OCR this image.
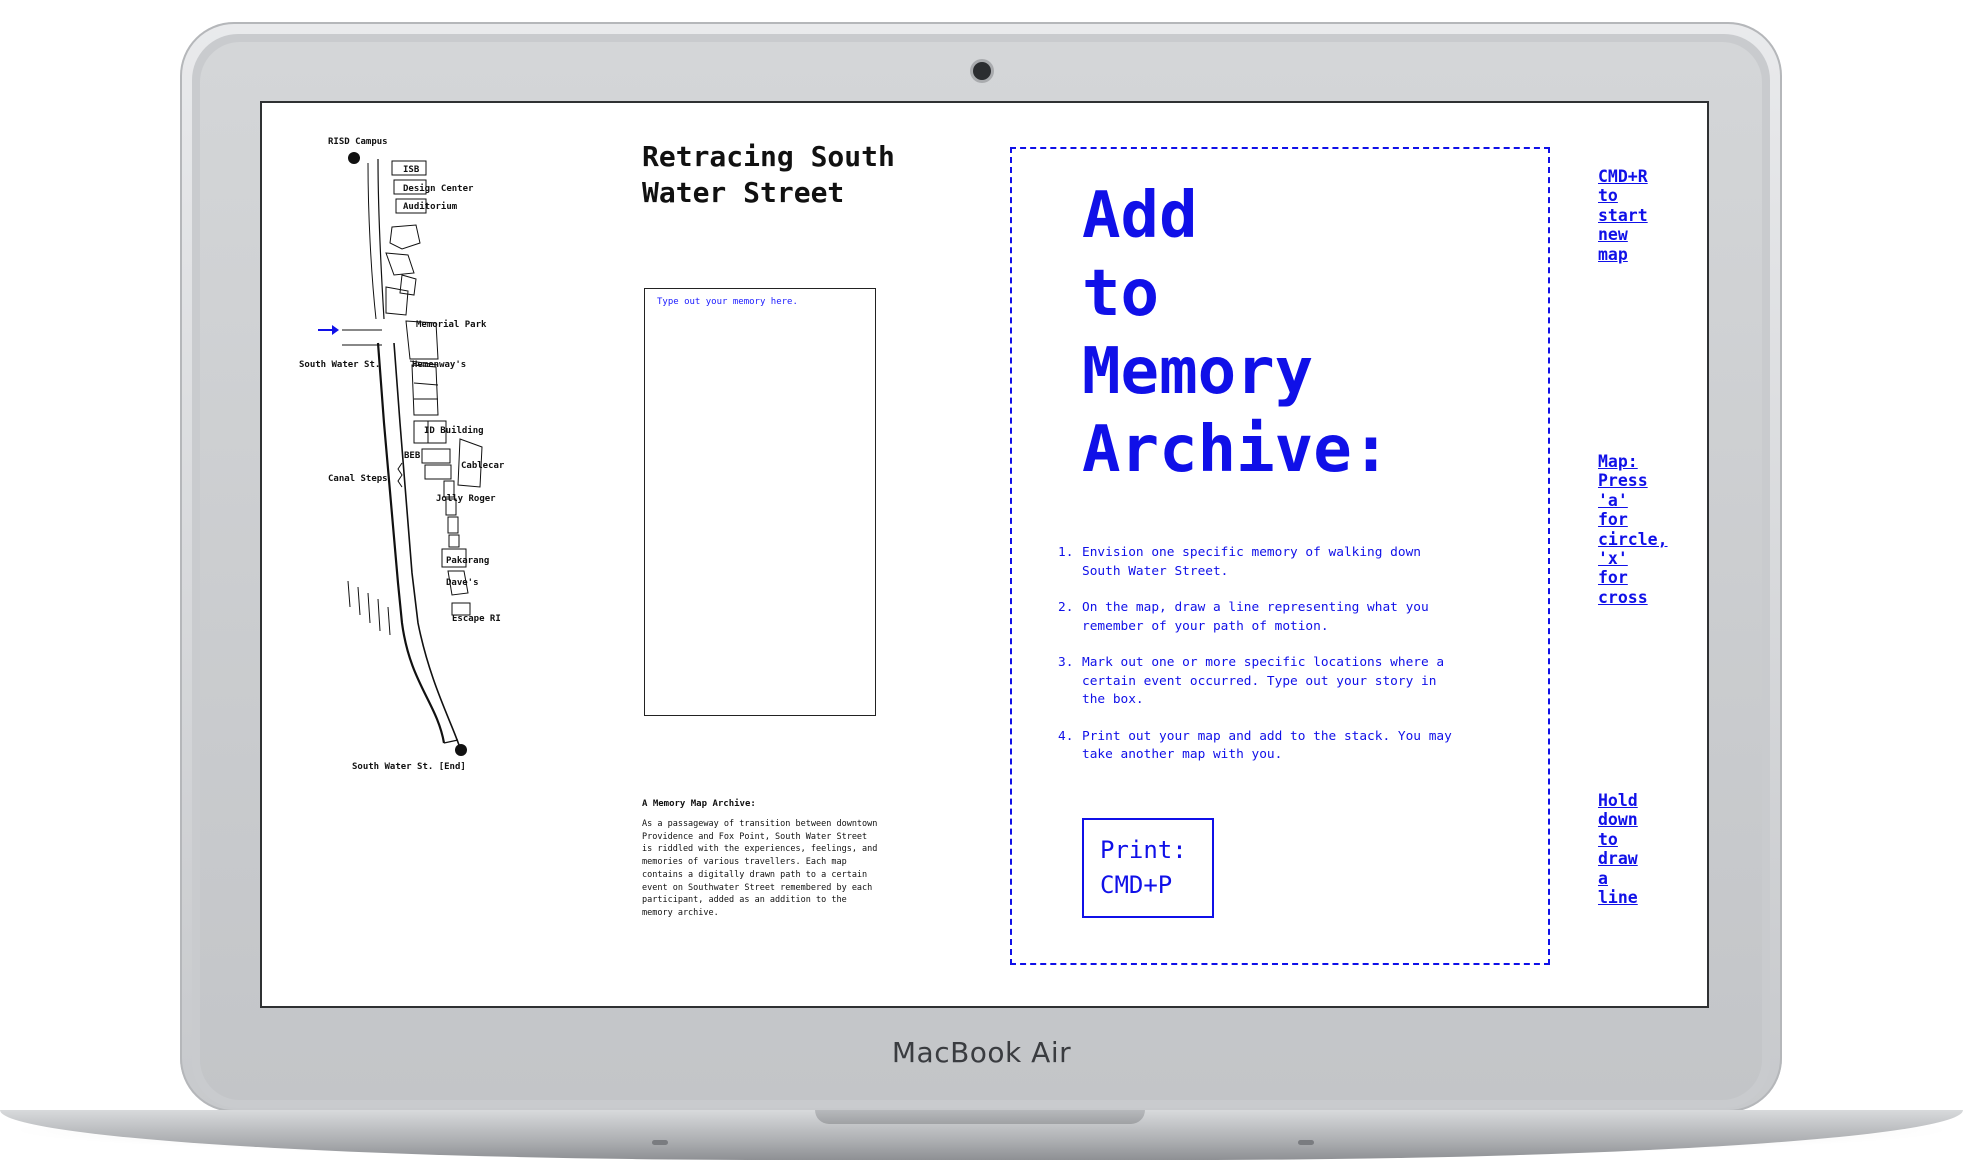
MacBook Air
RISD Campus
ISB
Design Center
Auditorium
Memorial Park
South Water St.	Hemenway's
ID Building
BEB
Cablecar
Canal Steps
Jolly Roger
Pakarang
Dave's
Escape RI
South Water St. [End]
Retracing South Water Street
Type out your memory here.
A Memory Map Archive:
As a passageway of transition between downtown Providence and Fox Point, South Water Street is riddled with the experiences, feelings, and memories of various travellers. Each map contains a digitally drawn path to a certain event on Southwater Street remembered by each participant, added as an addition to the memory archive.
Add
to
Memory
Archive:
1. Envision one specific memory of walking down South Water Street.
2. On the map, draw a line representing what you remember of your path of motion.
3. Mark out one or more specific locations where a certain event occurred. Type out your story in the box.
4. Print out your map and add to the stack. You may take another map with you.
Print:
CMD+P
CMD+R to start new map
Map: Press 'a' for circle, 'x' for cross
Hold down to draw a line
